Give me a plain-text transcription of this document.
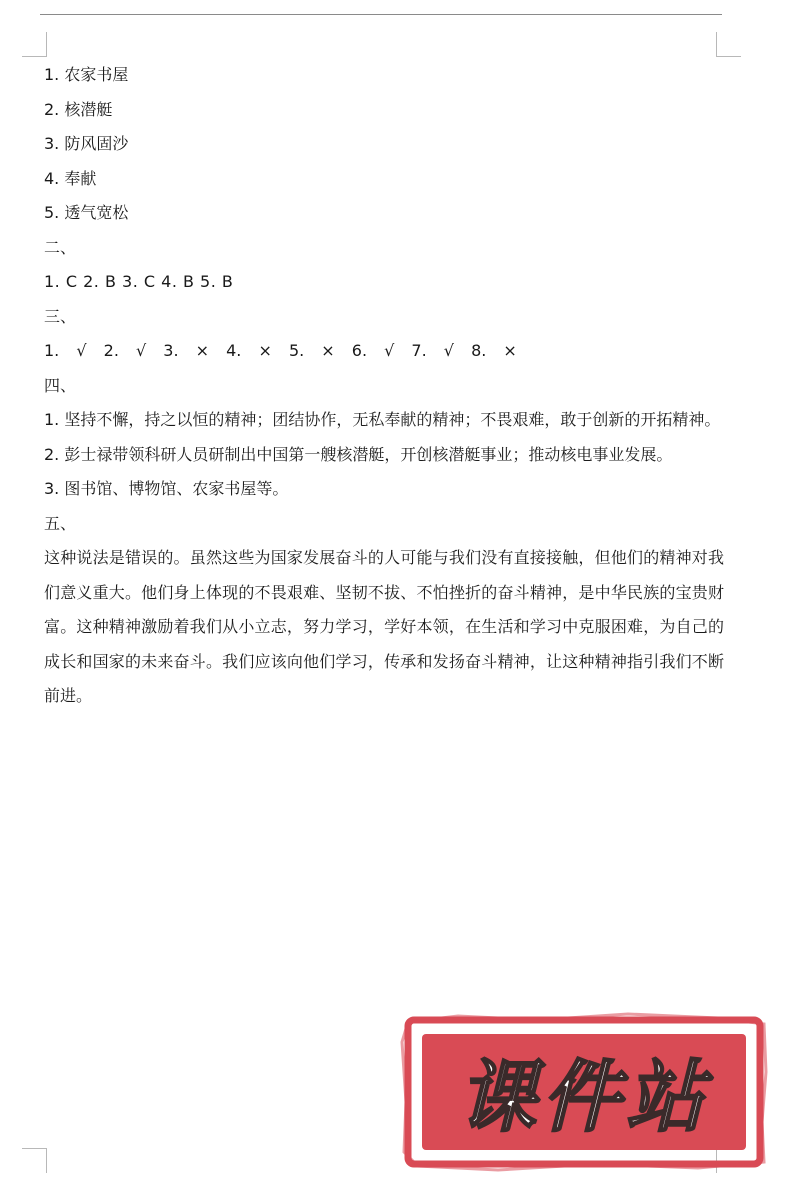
1. 农家书屋
2. 核潜艇
3. 防风固沙
4. 奉献
5. 透气宽松
二、
1. C 2. B 3. C 4. B 5. B
三、
1. √ 2. √ 3. × 4. × 5. × 6. √ 7. √ 8. ×
四、
1. 坚持不懈，持之以恒的精神；团结协作，无私奉献的精神；不畏艰难，敢于创新的开拓精神。
2. 彭士禄带领科研人员研制出中国第一艘核潜艇，开创核潜艇事业；推动核电事业发展。
3. 图书馆、博物馆、农家书屋等。
五、
这种说法是错误的。虽然这些为国家发展奋斗的人可能与我们没有直接接触，但他们的精神对我们意义重大。他们身上体现的不畏艰难、坚韧不拔、不怕挫折的奋斗精神，是中华民族的宝贵财富。这种精神激励着我们从小立志，努力学习，学好本领，在生活和学习中克服困难，为自己的成长和国家的未来奋斗。我们应该向他们学习，传承和发扬奋斗精神，让这种精神指引我们不断前进。
课件站
